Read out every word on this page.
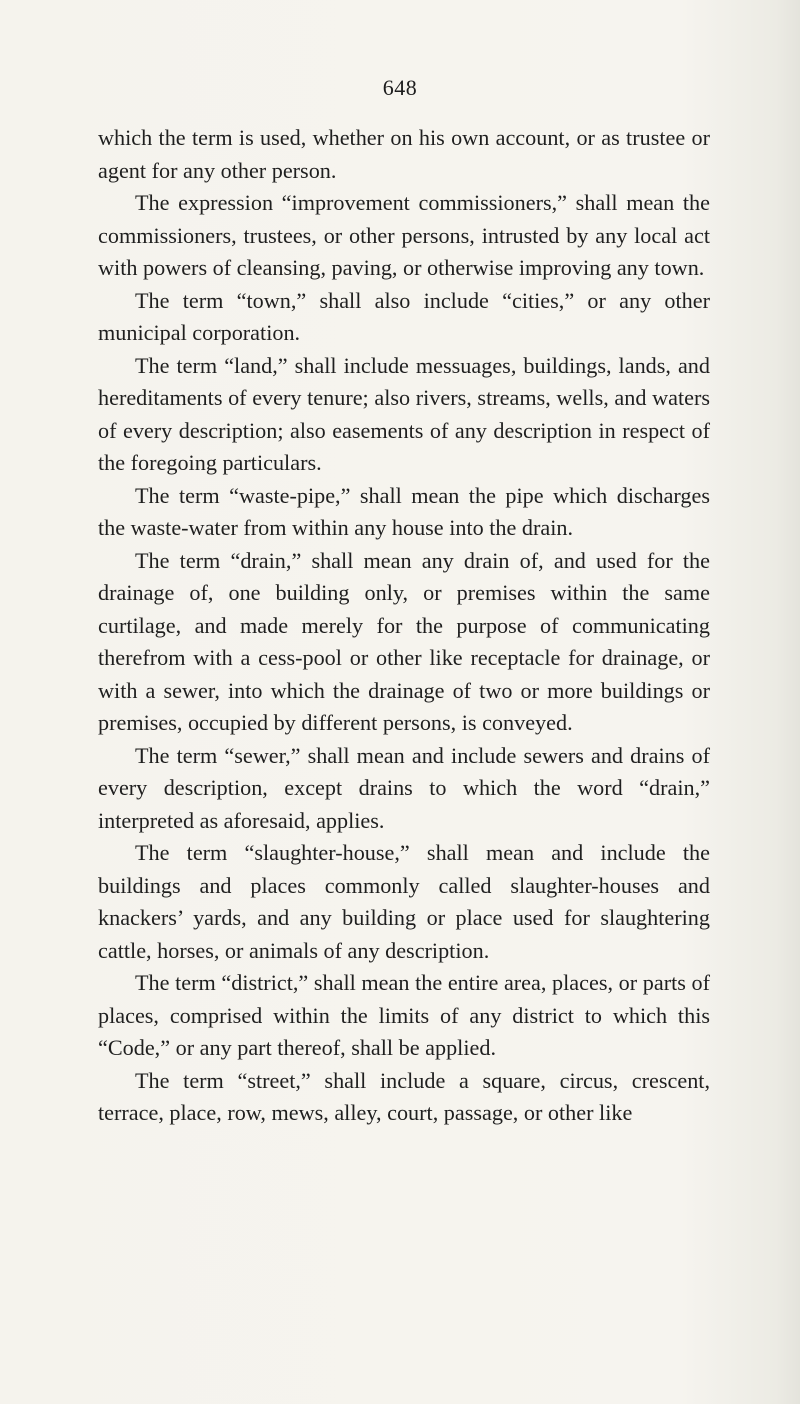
648

which the term is used, whether on his own account, or as trustee or agent for any other person.

The expression “improvement commissioners,” shall mean the commissioners, trustees, or other persons, intrusted by any local act with powers of cleansing, paving, or otherwise improving any town.

The term “town,” shall also include “cities,” or any other municipal corporation.

The term “land,” shall include messuages, buildings, lands, and hereditaments of every tenure; also rivers, streams, wells, and waters of every description; also easements of any description in respect of the foregoing particulars.

The term “waste-pipe,” shall mean the pipe which discharges the waste-water from within any house into the drain.

The term “drain,” shall mean any drain of, and used for the drainage of, one building only, or premises within the same curtilage, and made merely for the purpose of communicating therefrom with a cess-pool or other like receptacle for drainage, or with a sewer, into which the drainage of two or more buildings or premises, occupied by different persons, is conveyed.

The term “sewer,” shall mean and include sewers and drains of every description, except drains to which the word “drain,” interpreted as aforesaid, applies.

The term “slaughter-house,” shall mean and include the buildings and places commonly called slaughter-houses and knackers’ yards, and any building or place used for slaughtering cattle, horses, or animals of any description.

The term “district,” shall mean the entire area, places, or parts of places, comprised within the limits of any district to which this “Code,” or any part thereof, shall be applied.

The term “street,” shall include a square, circus, crescent, terrace, place, row, mews, alley, court, passage, or other like
